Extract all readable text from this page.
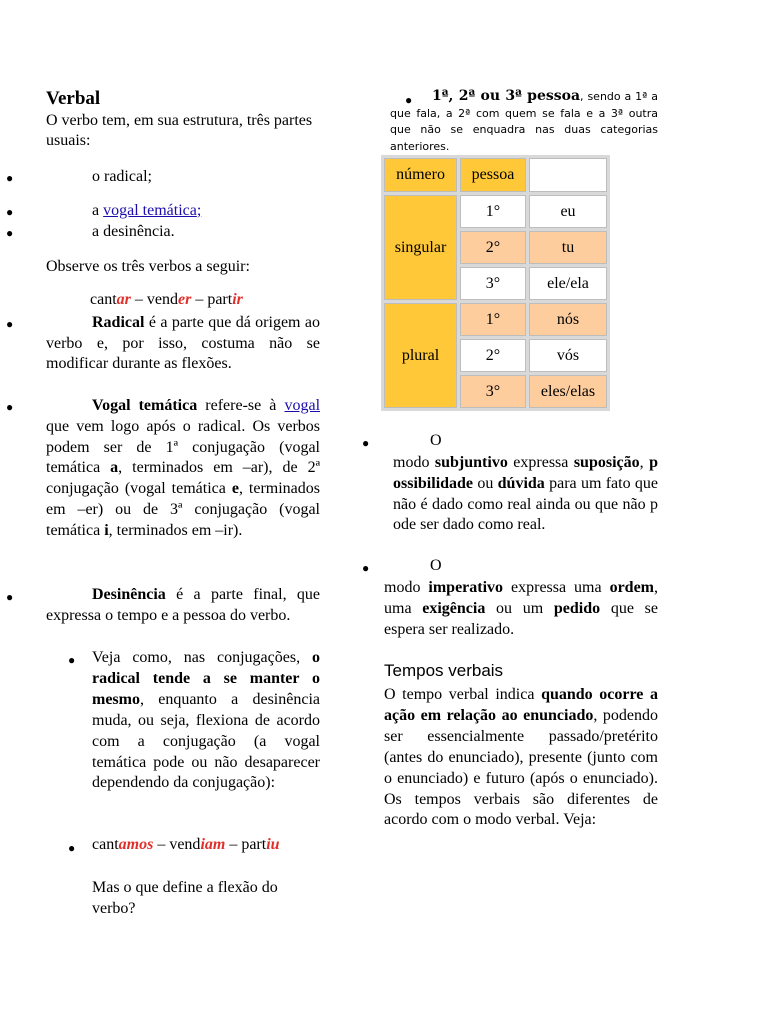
Verbal

O verbo tem, em sua estrutura, três partes usuais:

●	o radical;

●	a vogal temática;

●	a desinência.

Observe os três verbos a seguir:

cantar – vender – partir

●	Radical é a parte que dá origem ao verbo e, por isso, costuma não se modificar durante as flexões.

●	Vogal temática refere-se à vogal que vem logo após o radical. Os verbos podem ser de 1ª conjugação (vogal temática a, terminados em –ar), de 2ª conjugação (vogal temática e, terminados em –er) ou de 3ª conjugação (vogal temática i, terminados em –ir).

●	Desinência é a parte final, que expressa o tempo e a pessoa do verbo.

● Veja como, nas conjugações, o radical tende a se manter o mesmo, enquanto a desinência muda, ou seja, flexiona de acordo com a conjugação (a vogal temática pode ou não desaparecer dependendo da conjugação):

● cantamos – vendiam – partiu

Mas o que define a flexão do verbo?

●	1ª, 2ª ou 3ª pessoa, sendo a 1ª a que fala, a 2ª com quem se fala e a 3ª outra que não se enquadra nas duas categorias anteriores.

número	pessoa	
singular	1°	eu
	2°	tu
	3°	ele/ela
plural	1°	nós
	2°	vós
	3°	eles/elas
●	O

modo subjuntivo expressa suposição, possibilidade ou dúvida para um fato que não é dado como real ainda ou que não pode ser dado como real.

●	O

modo imperativo expressa uma ordem, uma exigência ou um pedido que se espera ser realizado.

Tempos verbais

O tempo verbal indica quando ocorre a ação em relação ao enunciado, podendo ser essencialmente passado/pretérito (antes do enunciado), presente (junto com o enunciado) e futuro (após o enunciado). Os tempos verbais são diferentes de acordo com o modo verbal. Veja:
